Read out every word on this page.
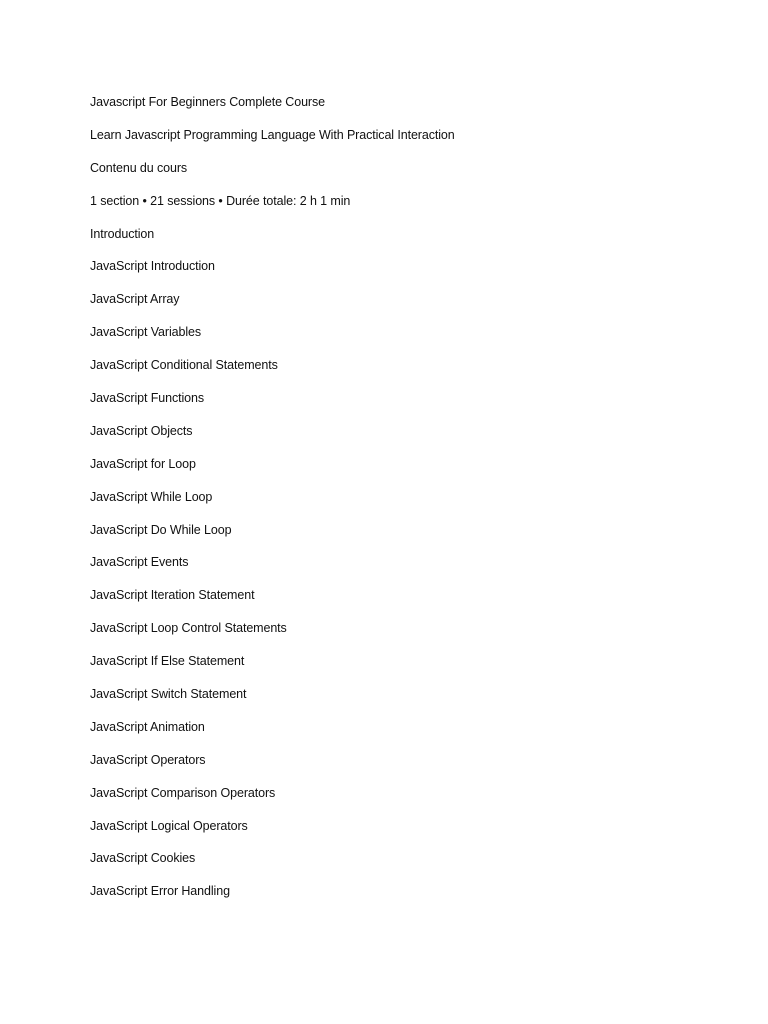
Javascript For Beginners Complete Course
Learn Javascript Programming Language With Practical Interaction
Contenu du cours
1 section • 21 sessions • Durée totale: 2 h 1 min
Introduction
JavaScript Introduction
JavaScript Array
JavaScript Variables
JavaScript Conditional Statements
JavaScript Functions
JavaScript Objects
JavaScript for Loop
JavaScript While Loop
JavaScript Do While Loop
JavaScript Events
JavaScript Iteration Statement
JavaScript Loop Control Statements
JavaScript If Else Statement
JavaScript Switch Statement
JavaScript Animation
JavaScript Operators
JavaScript Comparison Operators
JavaScript Logical Operators
JavaScript Cookies
JavaScript Error Handling
